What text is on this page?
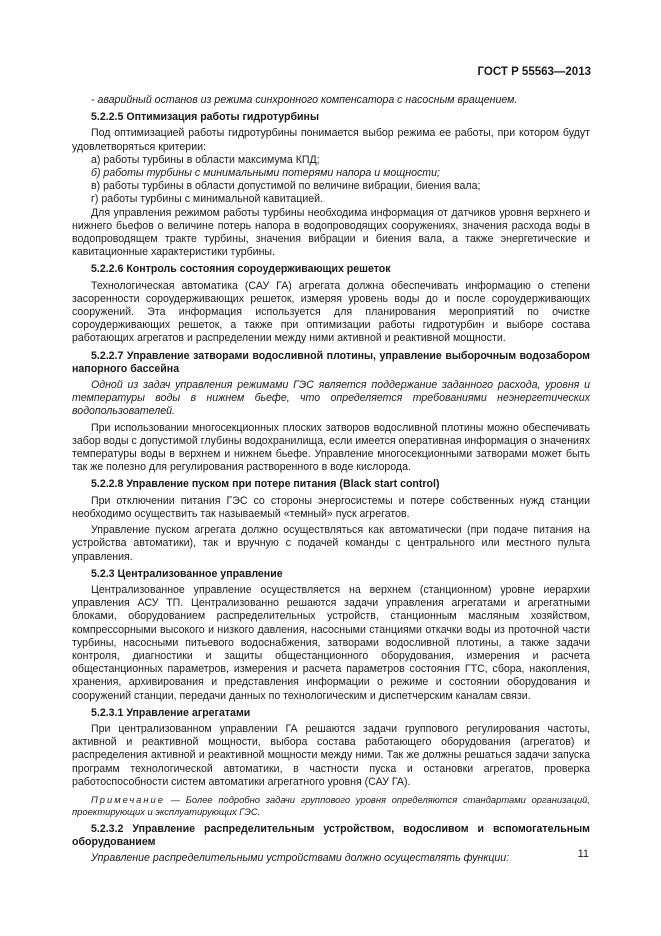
ГОСТ Р 55563—2013

- аварийный останов из режима синхронного компенсатора с насосным вращением.

5.2.2.5 Оптимизация работы гидротурбины

Под оптимизацией работы гидротурбины понимается выбор режима ее работы, при котором будут удовлетворяться критерии:

а) работы турбины в области максимума КПД;

б) работы турбины с минимальными потерями напора и мощности;

в) работы турбины в области допустимой по величине вибрации, биения вала;

г) работы турбины с минимальной кавитацией.

Для управления режимом работы турбины необходима информация от датчиков уровня верхнего и нижнего бьефов о величине потерь напора в водопроводящих сооружениях, значения расхода воды в водопроводящем тракте турбины, значения вибрации и биения вала, а также энергетические и кавитационные характеристики турбины.

5.2.2.6 Контроль состояния сороудерживающих решеток

Технологическая автоматика (САУ ГА) агрегата должна обеспечивать информацию о степени засоренности сороудерживающих решеток, измеряя уровень воды до и после сороудерживающих сооружений. Эта информация используется для планирования мероприятий по очистке сороудерживающих решеток, а также при оптимизации работы гидротурбин и выборе состава работающих агрегатов и распределении между ними активной и реактивной мощности.

5.2.2.7 Управление затворами водосливной плотины, управление выборочным водозабором напорного бассейна

Одной из задач управления режимами ГЭС является поддержание заданного расхода, уровня и температуры воды в нижнем бьефе, что определяется требованиями неэнергетических водопользователей.

При использовании многосекционных плоских затворов водосливной плотины можно обеспечивать забор воды с допустимой глубины водохранилища, если имеется оперативная информация о значениях температуры воды в верхнем и нижнем бьефе. Управление многосекционными затворами может быть так же полезно для регулирования растворенного в воде кислорода.

5.2.2.8 Управление пуском при потере питания (Black start control)

При отключении питания ГЭС со стороны энергосистемы и потере собственных нужд станции необходимо осуществить так называемый «темный» пуск агрегатов.

Управление пуском агрегата должно осуществляться как автоматически (при подаче питания на устройства автоматики), так и вручную с подачей команды с центрального или местного пульта управления.

5.2.3 Централизованное управление

Централизованное управление осуществляется на верхнем (станционном) уровне иерархии управления АСУ ТП. Централизованно решаются задачи управления агрегатами и агрегатными блоками, оборудованием распределительных устройств, станционным масляным хозяйством, компрессорными высокого и низкого давления, насосными станциями откачки воды из проточной части турбины, насосными питьевого водоснабжения, затворами водосливной плотины, а также задачи контроля, диагностики и защиты общестанционного оборудования, измерения и расчета общестанционных параметров, измерения и расчета параметров состояния ГТС, сбора, накопления, хранения, архивирования и представления информации о режиме и состоянии оборудования и сооружений станции, передачи данных по технологическим и диспетчерским каналам связи.

5.2.3.1 Управление агрегатами

При централизованном управлении ГА решаются задачи группового регулирования частоты, активной и реактивной мощности, выбора состава работающего оборудования (агрегатов) и распределения активной и реактивной мощности между ними. Так же должны решаться задачи запуска программ технологической автоматики, в частности пуска и остановки агрегатов, проверка работоспособности систем автоматики агрегатного уровня (САУ ГА).

Примечание — Более подробно задачи группового уровня определяются стандартами организаций, проектирующих и эксплуатирующих ГЭС.

5.2.3.2 Управление распределительным устройством, водосливом и вспомогательным оборудованием

Управление распределительными устройствами должно осуществлять функции:	11
